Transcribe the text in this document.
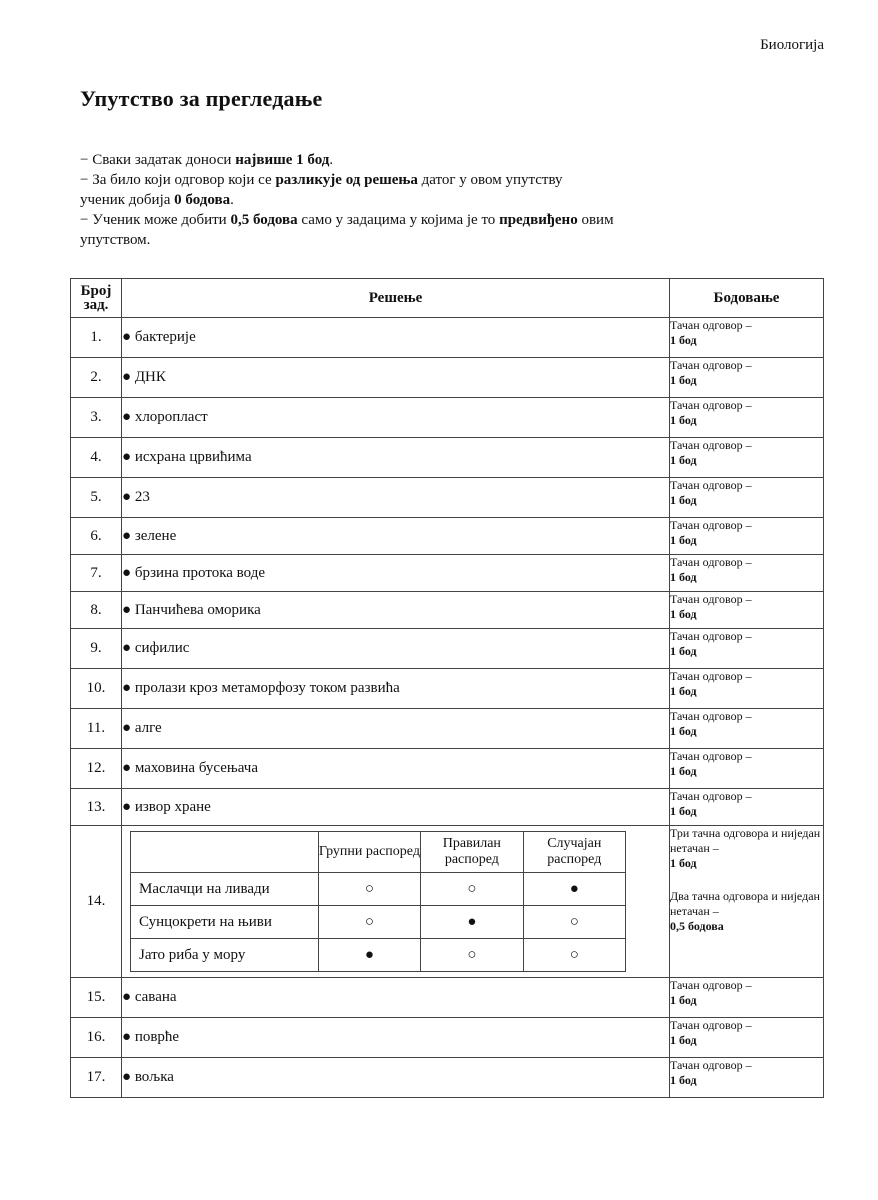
Биологија
Упутство за прегледање

− Сваки задатак доноси највише 1 бод.

− За било који одговор који се разликује од решења датог у овом упутству

ученик добија 0 бодова.

− Ученик може добити 0,5 бодова само у задацима у којима је то предвиђено овим

упутством.

Број зад.	Решење	Бодовање
1.	● бактерије	
Тачан одговор –
1 бод

2.	● ДНК	
Тачан одговор –
1 бод

3.	● хлоропласт	
Тачан одговор –
1 бод

4.	● исхрана црвићима	
Тачан одговор –
1 бод

5.	● 23	
Тачан одговор –
1 бод

6.	● зелене	
Тачан одговор –
1 бод

7.	● брзина протока воде	
Тачан одговор –
1 бод

8.	● Панчићева оморика	
Тачан одговор –
1 бод

9.	● сифилис	
Тачан одговор –
1 бод

10.	● пролази кроз метаморфозу током развића	
Тачан одговор –
1 бод

11.	● алге	
Тачан одговор –
1 бод

12.	● маховина бусењача	
Тачан одговор –
1 бод

13.	● извор хране	
Тачан одговор –
1 бод

14.	
	Групни распоред	Правилан распоред	Случајан распоред
Маслачци на ливади	○	○	●
Сунцокрети на њиви	○	●	○
Јато риба у мору	●	○	○

Три тачна одговора и ниједан нетачан –
1 бод
Два тачна одговора и ниједан нетачан –
0,5 бодова

15.	● савана	
Тачан одговор –
1 бод

16.	● поврће	
Тачан одговор –
1 бод

17.	● вољка	
Тачан одговор –
1 бод
